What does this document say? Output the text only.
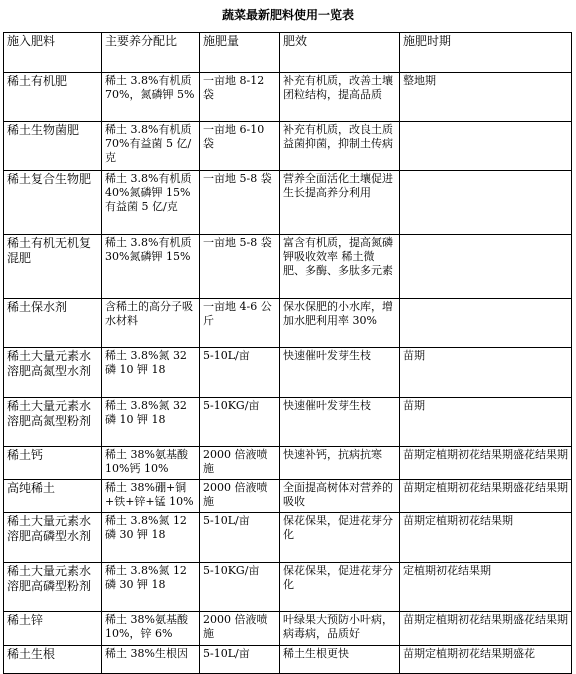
蔬菜最新肥料使用一览表
施入肥料	主要养分配比	施肥量	肥效	施肥时期
稀土有机肥	稀土 3.8%有机质 70%，氮磷钾 5%	一亩地 8-12 袋	补充有机质，改善土壤团粒结构，提高品质	整地期
稀土生物菌肥	稀土 3.8%有机质 70%有益菌 5 亿/克	一亩地 6-10 袋	补充有机质，改良土质益菌抑菌，抑制土传病	
稀土复合生物肥	稀土 3.8%有机质 40%氮磷钾 15%有益菌 5 亿/克	一亩地 5-8 袋	营养全面活化土壤促进生长提高养分利用	
稀土有机无机复混肥	稀土 3.8%有机质 30%氮磷钾 15%	一亩地 5-8 袋	富含有机质，提高氮磷钾吸收效率 稀土微肥、多酶、多肽多元素	
稀土保水剂	含稀土的高分子吸水材料	一亩地 4-6 公斤	保水保肥的小水库，增加水肥利用率 30%	
稀土大量元素水溶肥高氮型水剂	稀土 3.8%氮 32 磷 10 钾 18	5-10L/亩	快速催叶发芽生枝	苗期
稀土大量元素水溶肥高氮型粉剂	稀土 3.8%氮 32 磷 10 钾 18	5-10KG/亩	快速催叶发芽生枝	苗期
稀土钙	稀土 38%氨基酸 10%钙 10%	2000 倍液喷施	快速补钙，抗病抗寒	苗期定植期初花结果期盛花结果期
高纯稀土	稀土 38%硼+铜+铁+锌+锰 10%	2000 倍液喷施	全面提高树体对营养的吸收	苗期定植期初花结果期盛花结果期
稀土大量元素水溶肥高磷型水剂	稀土 3.8%氮 12 磷 30 钾 18	5-10L/亩	保花保果，促进花芽分化	苗期定植期初花结果期
稀土大量元素水溶肥高磷型粉剂	稀土 3.8%氮 12 磷 30 钾 18	5-10KG/亩	保花保果，促进花芽分化	定植期初花结果期
稀土锌	稀土 38%氨基酸 10%，锌 6%	2000 倍液喷施	叶绿果大预防小叶病，病毒病，品质好	苗期定植期初花结果期盛花结果期
稀土生根	稀土 38%生根因	5-10L/亩	稀土生根更快	苗期定植期初花结果期盛花
